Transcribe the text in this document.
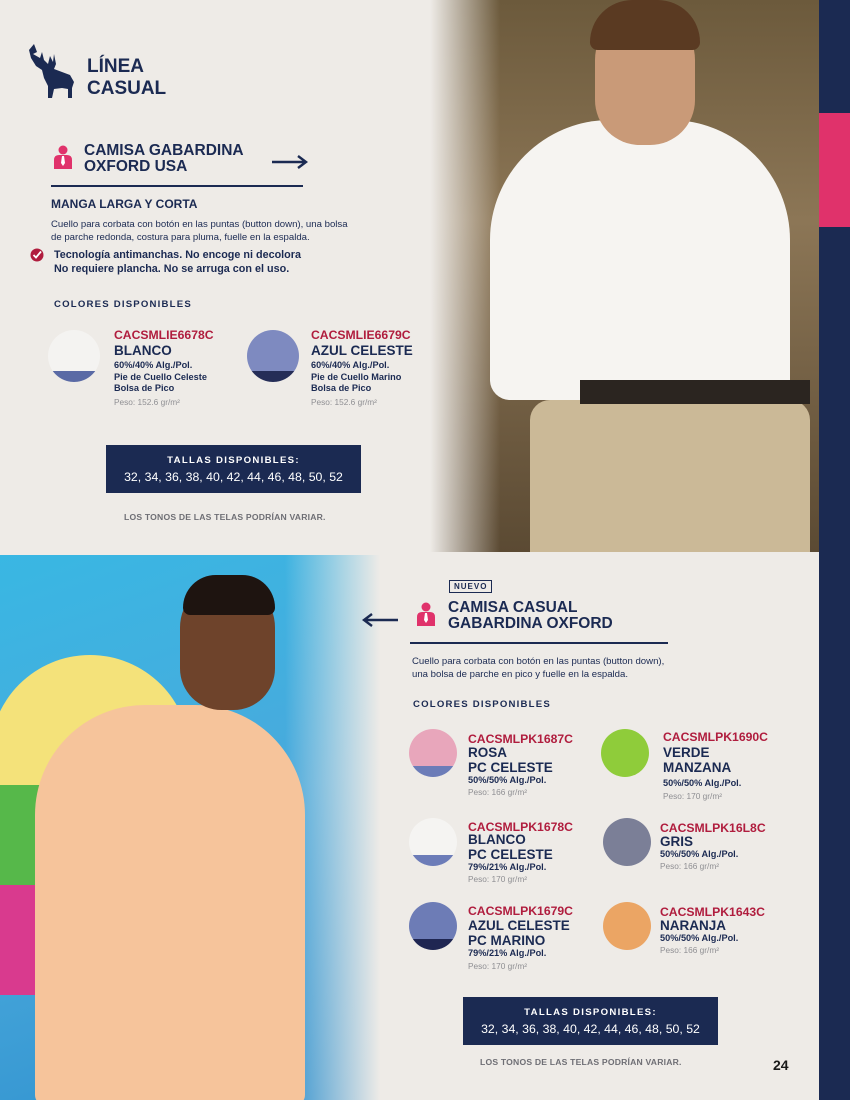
LÍNEA
CASUAL
CAMISA GABARDINA
OXFORD USA
MANGA LARGA Y CORTA
Cuello para corbata con botón en las puntas (button down), una bolsa
de parche redonda, costura para pluma, fuelle en la espalda.
Tecnología antimanchas. No encoge ni decolora
No requiere plancha. No se arruga con el uso.
COLORES DISPONIBLES
CACSMLIE6678C
BLANCO
60%/40% Alg./Pol.
Pie de Cuello Celeste
Bolsa de Pico
Peso: 152.6 gr/m²
CACSMLIE6679C
AZUL CELESTE
60%/40% Alg./Pol.
Pie de Cuello Marino
Bolsa de Pico
Peso: 152.6 gr/m²
TALLAS DISPONIBLES:
32, 34, 36, 38, 40, 42, 44, 46, 48, 50, 52
LOS TONOS DE LAS TELAS PODRÍAN VARIAR.
NUEVO
CAMISA CASUAL
GABARDINA OXFORD
Cuello para corbata con botón en las puntas (button down),
una bolsa de parche en pico y fuelle en la espalda.
COLORES DISPONIBLES
CACSMLPK1687C
ROSA
PC CELESTE
50%/50% Alg./Pol.
Peso: 166 gr/m²
CACSMLPK1690C
VERDE
MANZANA
50%/50% Alg./Pol.
Peso: 170 gr/m²
CACSMLPK1678C
BLANCO
PC CELESTE
79%/21% Alg./Pol.
Peso: 170 gr/m²
CACSMLPK16L8C
GRIS
50%/50% Alg./Pol.
Peso: 166 gr/m²
CACSMLPK1679C
AZUL CELESTE
PC MARINO
79%/21% Alg./Pol.
Peso: 170 gr/m²
CACSMLPK1643C
NARANJA
50%/50% Alg./Pol.
Peso: 166 gr/m²
TALLAS DISPONIBLES:
32, 34, 36, 38, 40, 42, 44, 46, 48, 50, 52
LOS TONOS DE LAS TELAS PODRÍAN VARIAR.	24
